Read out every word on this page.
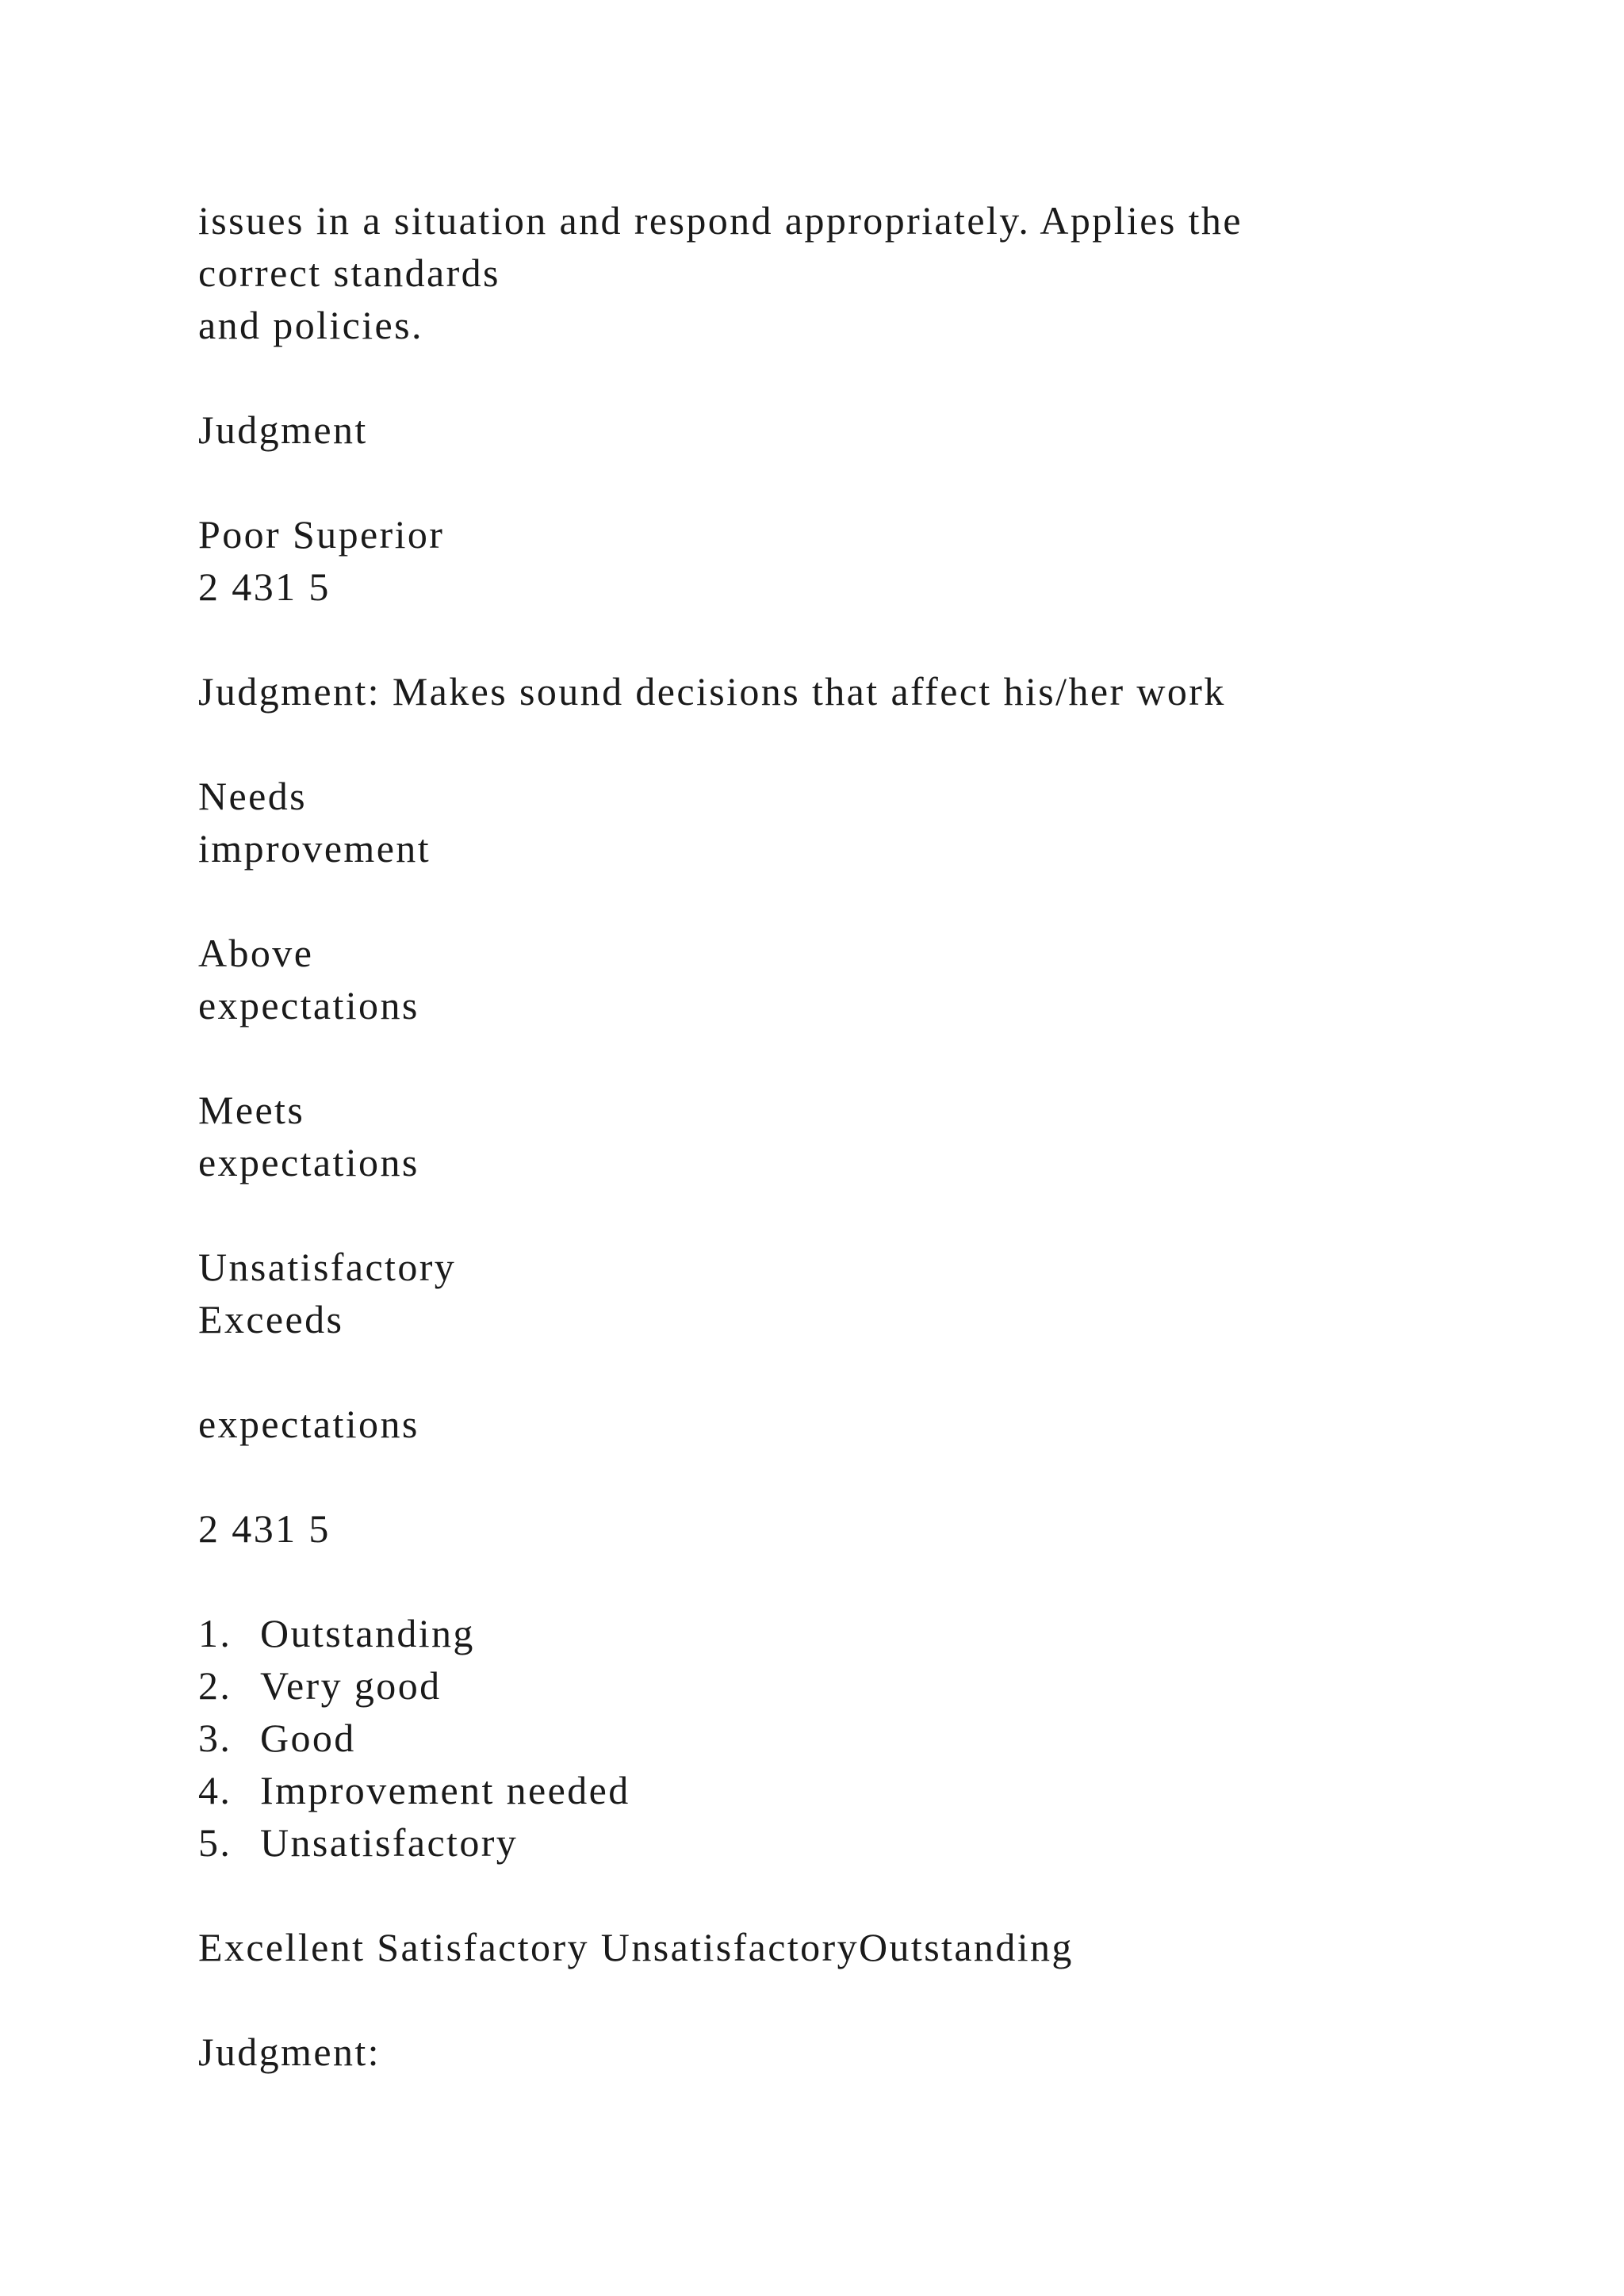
issues in a situation and respond appropriately. Applies the
correct standards
and policies.
Judgment
Poor Superior
2 431 5
Judgment: Makes sound decisions that affect his/her work
Needs
improvement
Above
expectations
Meets
expectations
Unsatisfactory
Exceeds
expectations
2 431 5
1. Outstanding
2. Very good
3. Good
4. Improvement needed
5. Unsatisfactory
Excellent Satisfactory UnsatisfactoryOutstanding
Judgment:
